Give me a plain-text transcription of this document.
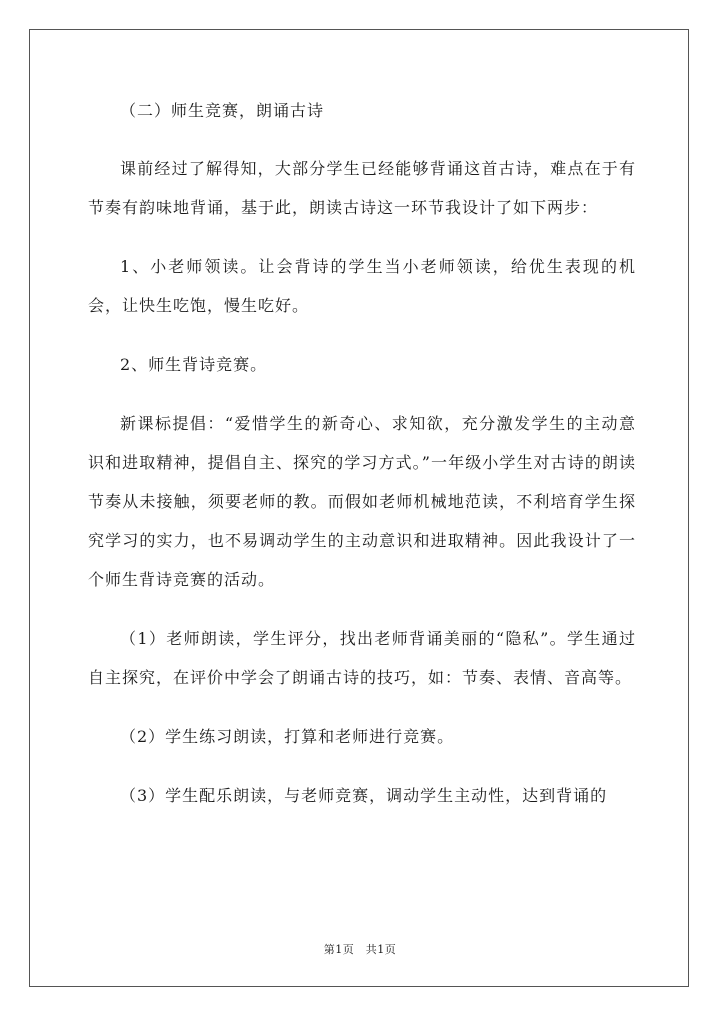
（二）师生竞赛，朗诵古诗

课前经过了解得知，大部分学生已经能够背诵这首古诗，难点在于有节奏有韵味地背诵，基于此，朗读古诗这一环节我设计了如下两步：

1、小老师领读。让会背诗的学生当小老师领读，给优生表现的机会，让快生吃饱，慢生吃好。

2、师生背诗竞赛。

新课标提倡：“爱惜学生的新奇心、求知欲，充分激发学生的主动意识和进取精神，提倡自主、探究的学习方式。”一年级小学生对古诗的朗读节奏从未接触，须要老师的教。而假如老师机械地范读，不利培育学生探究学习的实力，也不易调动学生的主动意识和进取精神。因此我设计了一个师生背诗竞赛的活动。

（1）老师朗读，学生评分，找出老师背诵美丽的“隐私”。学生通过自主探究，在评价中学会了朗诵古诗的技巧，如：节奏、表情、音高等。

（2）学生练习朗读，打算和老师进行竞赛。

（3）学生配乐朗读，与老师竞赛，调动学生主动性，达到背诵的

第1页　共1页
